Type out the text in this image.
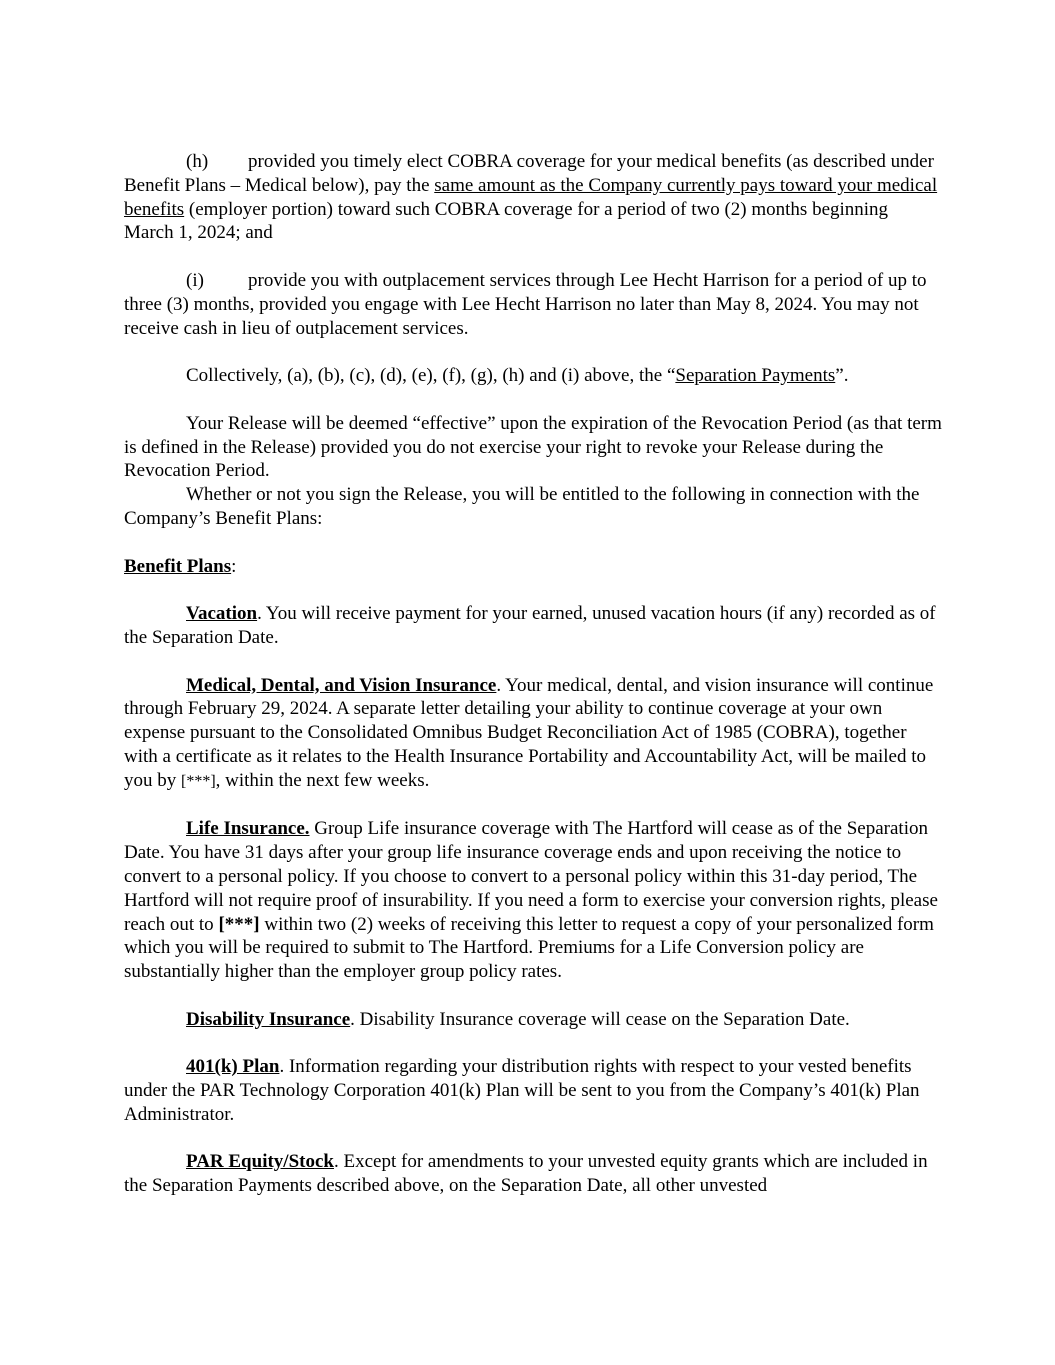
(h) provided you timely elect COBRA coverage for your medical benefits (as described under Benefit Plans – Medical below), pay the same amount as the Company currently pays toward your medical benefits (employer portion) toward such COBRA coverage for a period of two (2) months beginning March 1, 2024; and

(i) provide you with outplacement services through Lee Hecht Harrison for a period of up to three (3) months, provided you engage with Lee Hecht Harrison no later than May 8, 2024. You may not receive cash in lieu of outplacement services.

Collectively, (a), (b), (c), (d), (e), (f), (g), (h) and (i) above, the “Separation Payments”.

Your Release will be deemed “effective” upon the expiration of the Revocation Period (as that term is defined in the Release) provided you do not exercise your right to revoke your Release during the Revocation Period.

Whether or not you sign the Release, you will be entitled to the following in connection with the Company’s Benefit Plans:

Benefit Plans:

Vacation. You will receive payment for your earned, unused vacation hours (if any) recorded as of the Separation Date.

Medical, Dental, and Vision Insurance. Your medical, dental, and vision insurance will continue through February 29, 2024. A separate letter detailing your ability to continue coverage at your own expense pursuant to the Consolidated Omnibus Budget Reconciliation Act of 1985 (COBRA), together with a certificate as it relates to the Health Insurance Portability and Accountability Act, will be mailed to you by [***], within the next few weeks.

Life Insurance. Group Life insurance coverage with The Hartford will cease as of the Separation Date. You have 31 days after your group life insurance coverage ends and upon receiving the notice to convert to a personal policy. If you choose to convert to a personal policy within this 31-day period, The Hartford will not require proof of insurability. If you need a form to exercise your conversion rights, please reach out to [***] within two (2) weeks of receiving this letter to request a copy of your personalized form which you will be required to submit to The Hartford. Premiums for a Life Conversion policy are substantially higher than the employer group policy rates.

Disability Insurance. Disability Insurance coverage will cease on the Separation Date.

401(k) Plan. Information regarding your distribution rights with respect to your vested benefits under the PAR Technology Corporation 401(k) Plan will be sent to you from the Company’s 401(k) Plan Administrator.

PAR Equity/Stock. Except for amendments to your unvested equity grants which are included in the Separation Payments described above, on the Separation Date, all other unvested
